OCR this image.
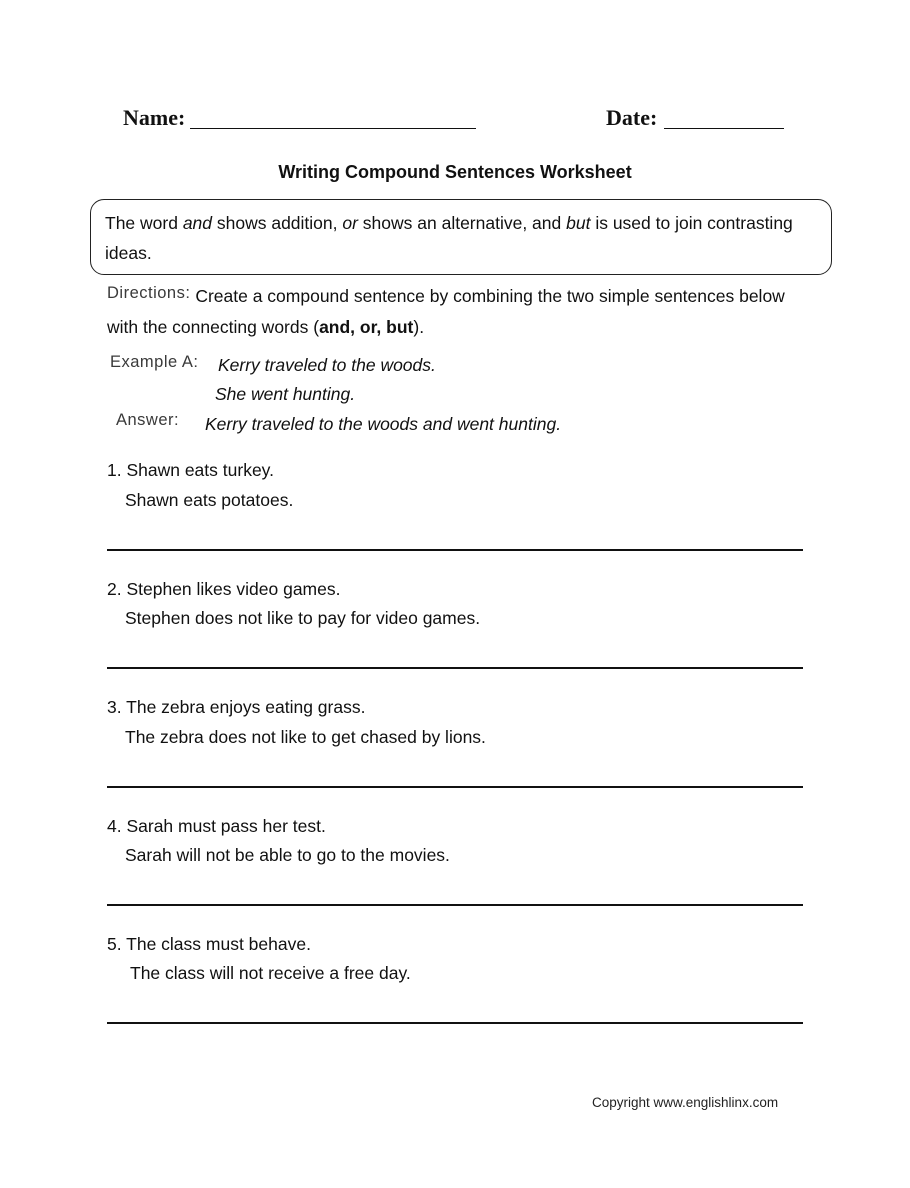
Name:	Date:
Writing Compound Sentences Worksheet
The word and shows addition, or shows an alternative, and but is used to join contrasting ideas.
Directions: Create a compound sentence by combining the two simple sentences below with the connecting words (and, or, but).
Example A: Kerry traveled to the woods.
She went hunting.
Answer: Kerry traveled to the woods and went hunting.
1. Shawn eats turkey.
Shawn eats potatoes.
2. Stephen likes video games.
Stephen does not like to pay for video games.
3. The zebra enjoys eating grass.
The zebra does not like to get chased by lions.
4. Sarah must pass her test.
Sarah will not be able to go to the movies.
5. The class must behave.
The class will not receive a free day.
Copyright www.englishlinx.com
